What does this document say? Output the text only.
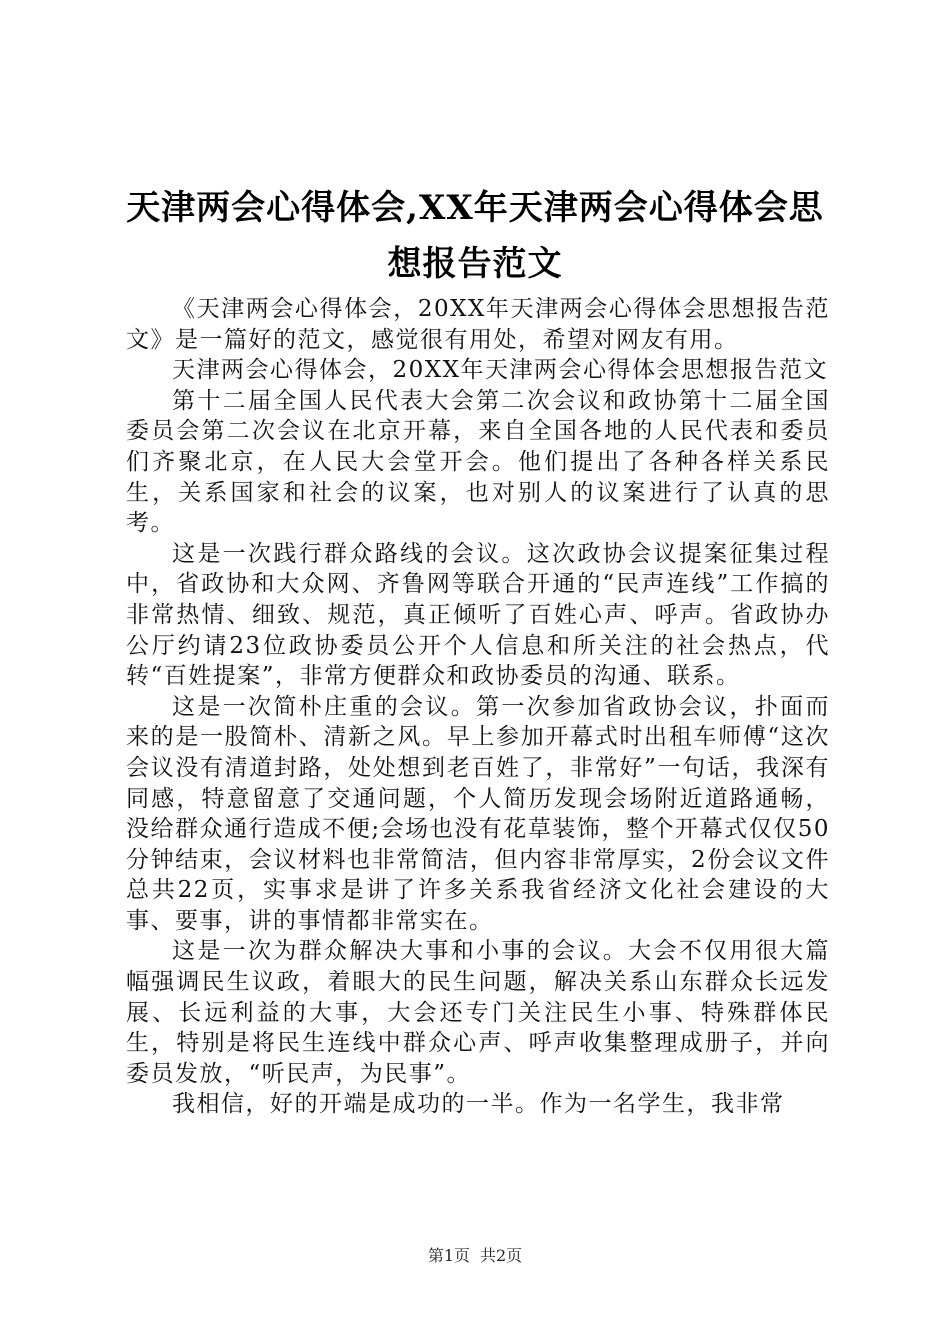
天津两会心得体会,XX年天津两会心得体会思想报告范文

《天津两会心得体会，20XX年天津两会心得体会思想报告范文》是一篇好的范文，感觉很有用处，希望对网友有用。

天津两会心得体会，20XX年天津两会心得体会思想报告范文

第十二届全国人民代表大会第二次会议和政协第十二届全国委员会第二次会议在北京开幕，来自全国各地的人民代表和委员们齐聚北京，在人民大会堂开会。他们提出了各种各样关系民生，关系国家和社会的议案，也对别人的议案进行了认真的思考。

这是一次践行群众路线的会议。这次政协会议提案征集过程中，省政协和大众网、齐鲁网等联合开通的“民声连线”工作搞的非常热情、细致、规范，真正倾听了百姓心声、呼声。省政协办公厅约请23位政协委员公开个人信息和所关注的社会热点，代转“百姓提案”，非常方便群众和政协委员的沟通、联系。

这是一次简朴庄重的会议。第一次参加省政协会议，扑面而来的是一股简朴、清新之风。早上参加开幕式时出租车师傅“这次会议没有清道封路，处处想到老百姓了，非常好”一句话，我深有同感，特意留意了交通问题，个人简历发现会场附近道路通畅，没给群众通行造成不便;会场也没有花草装饰，整个开幕式仅仅50分钟结束，会议材料也非常简洁，但内容非常厚实，2份会议文件总共22页，实事求是讲了许多关系我省经济文化社会建设的大事、要事，讲的事情都非常实在。

这是一次为群众解决大事和小事的会议。大会不仅用很大篇幅强调民生议政，着眼大的民生问题，解决关系山东群众长远发展、长远利益的大事，大会还专门关注民生小事、特殊群体民生，特别是将民生连线中群众心声、呼声收集整理成册子，并向委员发放，“听民声，为民事”。

我相信，好的开端是成功的一半。作为一名学生，我非常

第1页 共2页
